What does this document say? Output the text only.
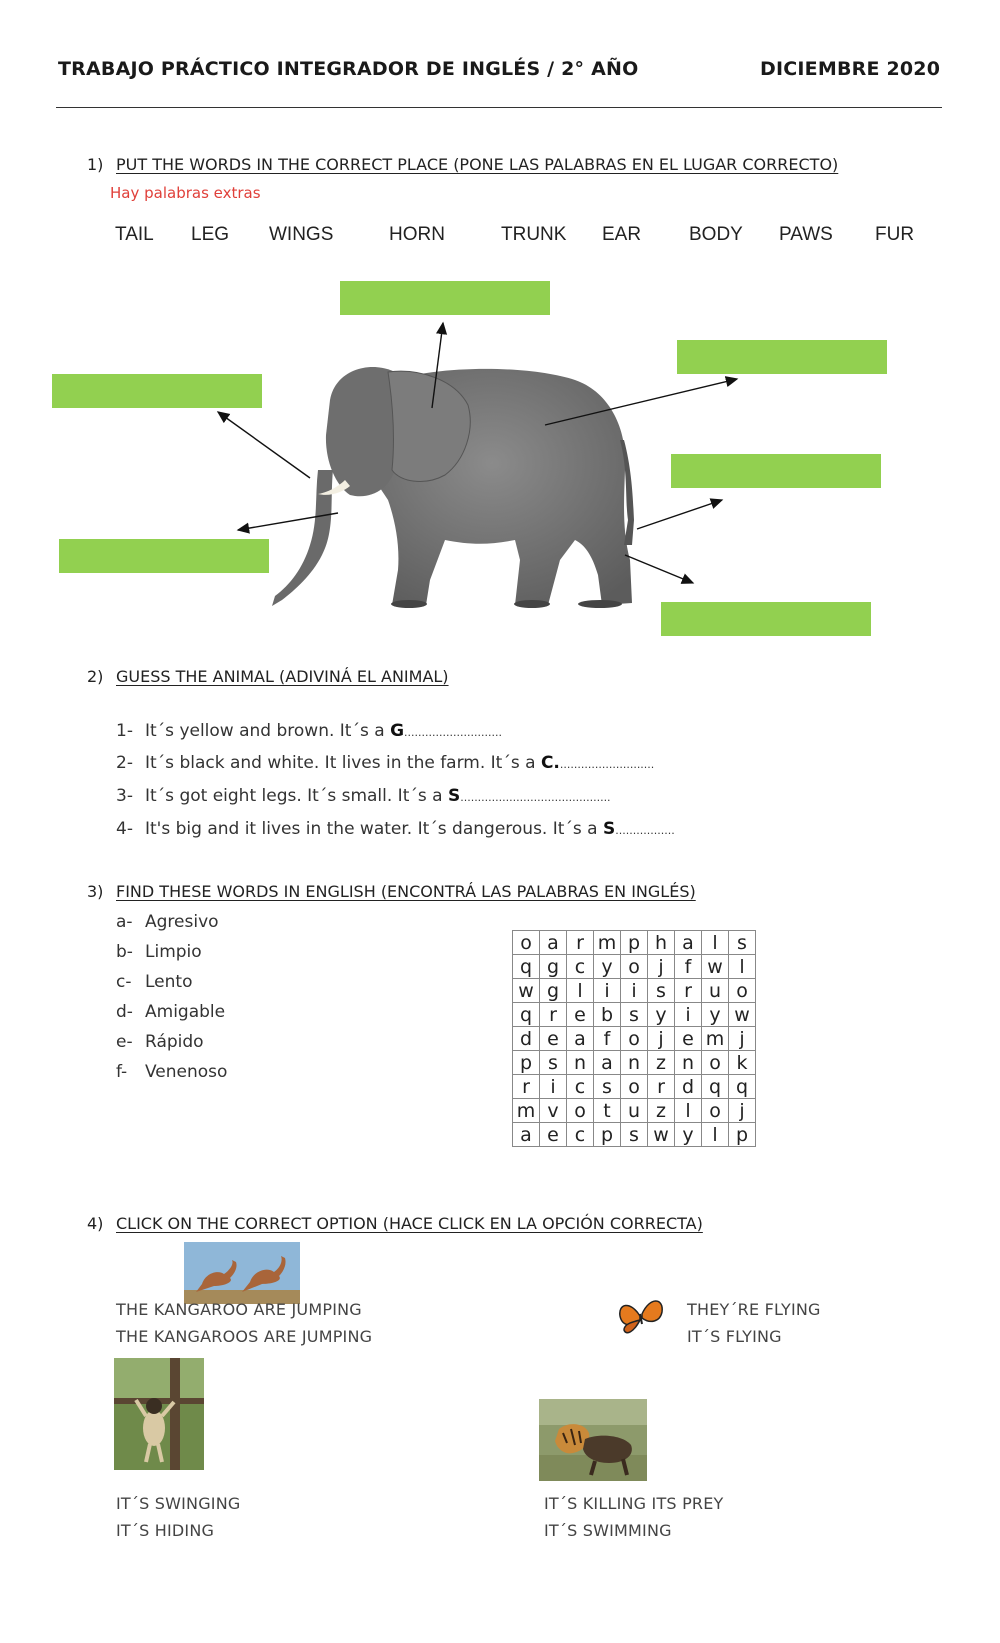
TRABAJO PRÁCTICO INTEGRADOR DE INGLÉS / 2° AÑO	DICIEMBRE 2020
1) PUT THE WORDS IN THE CORRECT PLACE (PONE LAS PALABRAS EN EL LUGAR CORRECTO)
Hay palabras extras
TAIL LEG WINGS	HORN	TRUNK EAR	BODY PAWS FUR
2) GUESS THE ANIMAL (ADIVINÁ EL ANIMAL)
1- It´s yellow and brown. It´s a G............................
2- It´s black and white. It lives in the farm. It´s a C............................
3- It´s got eight legs. It´s small. It´s a S...........................................
4- It's big and it lives in the water. It´s dangerous. It´s a S.................
3) FIND THESE WORDS IN ENGLISH (ENCONTRÁ LAS PALABRAS EN INGLÉS)
a- Agresivo
b- Limpio
c- Lento
d- Amigable
e- Rápido
f- Venenoso
o	a	r	m	p	h	a	l	s
q	g	c	y	o	j	f	w	l
w	g	l	i	i	s	r	u	o
q	r	e	b	s	y	i	y	w
d	e	a	f	o	j	e	m	j
p	s	n	a	n	z	n	o	k
r	i	c	s	o	r	d	q	q
m	v	o	t	u	z	l	o	j
a	e	c	p	s	w	y	l	p
4) CLICK ON THE CORRECT OPTION (HACE CLICK EN LA OPCIÓN CORRECTA)
THE KANGAROO ARE JUMPING
THE KANGAROOS ARE JUMPING
THEY´RE FLYING
IT´S FLYING
IT´S SWINGING
IT´S HIDING
IT´S KILLING ITS PREY
IT´S SWIMMING
